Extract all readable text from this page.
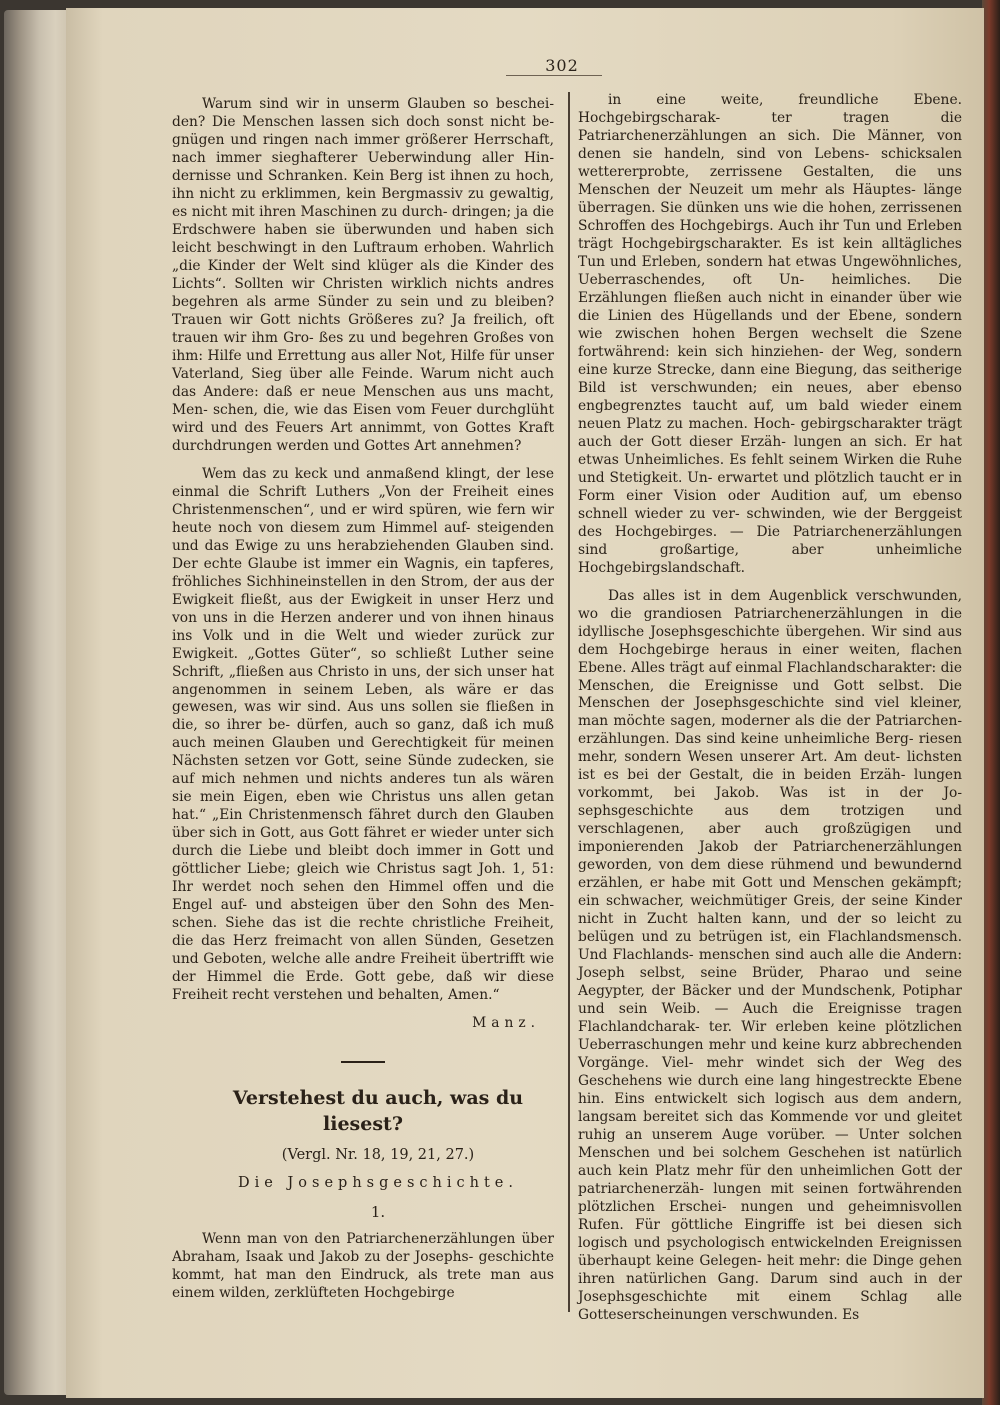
302

Warum sind wir in unserm Glauben so beschei- den? Die Menschen lassen sich doch sonst nicht be- gnügen und ringen nach immer größerer Herrschaft, nach immer sieghafterer Ueberwindung aller Hin- dernisse und Schranken. Kein Berg ist ihnen zu hoch, ihn nicht zu erklimmen, kein Bergmassiv zu gewaltig, es nicht mit ihren Maschinen zu durch- dringen; ja die Erdschwere haben sie überwunden und haben sich leicht beschwingt in den Luftraum erhoben. Wahrlich „die Kinder der Welt sind klüger als die Kinder des Lichts“. Sollten wir Christen wirklich nichts andres begehren als arme Sünder zu sein und zu bleiben? Trauen wir Gott nichts Größeres zu? Ja freilich, oft trauen wir ihm Gro- ßes zu und begehren Großes von ihm: Hilfe und Errettung aus aller Not, Hilfe für unser Vaterland, Sieg über alle Feinde. Warum nicht auch das Andere: daß er neue Menschen aus uns macht, Men- schen, die, wie das Eisen vom Feuer durchglüht wird und des Feuers Art annimmt, von Gottes Kraft durchdrungen werden und Gottes Art annehmen?

Wem das zu keck und anmaßend klingt, der lese einmal die Schrift Luthers „Von der Freiheit eines Christenmenschen“, und er wird spüren, wie fern wir heute noch von diesem zum Himmel auf- steigenden und das Ewige zu uns herabziehenden Glauben sind. Der echte Glaube ist immer ein Wagnis, ein tapferes, fröhliches Sichhineinstellen in den Strom, der aus der Ewigkeit fließt, aus der Ewigkeit in unser Herz und von uns in die Herzen anderer und von ihnen hinaus ins Volk und in die Welt und wieder zurück zur Ewigkeit. „Gottes Güter“, so schließt Luther seine Schrift, „fließen aus Christo in uns, der sich unser hat angenommen in seinem Leben, als wäre er das gewesen, was wir sind. Aus uns sollen sie fließen in die, so ihrer be- dürfen, auch so ganz, daß ich muß auch meinen Glauben und Gerechtigkeit für meinen Nächsten setzen vor Gott, seine Sünde zudecken, sie auf mich nehmen und nichts anderes tun als wären sie mein Eigen, eben wie Christus uns allen getan hat.“ „Ein Christenmensch fähret durch den Glauben über sich in Gott, aus Gott fähret er wieder unter sich durch die Liebe und bleibt doch immer in Gott und göttlicher Liebe; gleich wie Christus sagt Joh. 1, 51: Ihr werdet noch sehen den Himmel offen und die Engel auf- und absteigen über den Sohn des Men- schen. Siehe das ist die rechte christliche Freiheit, die das Herz freimacht von allen Sünden, Gesetzen und Geboten, welche alle andre Freiheit übertrifft wie der Himmel die Erde. Gott gebe, daß wir diese Freiheit recht verstehen und behalten, Amen.“

Manz.

Verstehest du auch, was du liesest?

(Vergl. Nr. 18, 19, 21, 27.)

Die Josephsgeschichte.

1.

Wenn man von den Patriarchenerzählungen über Abraham, Isaak und Jakob zu der Josephs- geschichte kommt, hat man den Eindruck, als trete man aus einem wilden, zerklüfteten Hochgebirge

in eine weite, freundliche Ebene. Hochgebirgscharak- ter tragen die Patriarchenerzählungen an sich. Die Männer, von denen sie handeln, sind von Lebens- schicksalen wettererprobte, zerrissene Gestalten, die uns Menschen der Neuzeit um mehr als Häuptes- länge überragen. Sie dünken uns wie die hohen, zerrissenen Schroffen des Hochgebirgs. Auch ihr Tun und Erleben trägt Hochgebirgscharakter. Es ist kein alltägliches Tun und Erleben, sondern hat etwas Ungewöhnliches, Ueberraschendes, oft Un- heimliches. Die Erzählungen fließen auch nicht in einander über wie die Linien des Hügellands und der Ebene, sondern wie zwischen hohen Bergen wechselt die Szene fortwährend: kein sich hinziehen- der Weg, sondern eine kurze Strecke, dann eine Biegung, das seitherige Bild ist verschwunden; ein neues, aber ebenso engbegrenztes taucht auf, um bald wieder einem neuen Platz zu machen. Hoch- gebirgscharakter trägt auch der Gott dieser Erzäh- lungen an sich. Er hat etwas Unheimliches. Es fehlt seinem Wirken die Ruhe und Stetigkeit. Un- erwartet und plötzlich taucht er in Form einer Vision oder Audition auf, um ebenso schnell wieder zu ver- schwinden, wie der Berggeist des Hochgebirges. — Die Patriarchenerzählungen sind großartige, aber unheimliche Hochgebirgslandschaft.

Das alles ist in dem Augenblick verschwunden, wo die grandiosen Patriarchenerzählungen in die idyllische Josephsgeschichte übergehen. Wir sind aus dem Hochgebirge heraus in einer weiten, flachen Ebene. Alles trägt auf einmal Flachlandscharakter: die Menschen, die Ereignisse und Gott selbst. Die Menschen der Josephsgeschichte sind viel kleiner, man möchte sagen, moderner als die der Patriarchen- erzählungen. Das sind keine unheimliche Berg- riesen mehr, sondern Wesen unserer Art. Am deut- lichsten ist es bei der Gestalt, die in beiden Erzäh- lungen vorkommt, bei Jakob. Was ist in der Jo- sephsgeschichte aus dem trotzigen und verschlagenen, aber auch großzügigen und imponierenden Jakob der Patriarchenerzählungen geworden, von dem diese rühmend und bewundernd erzählen, er habe mit Gott und Menschen gekämpft; ein schwacher, weichmütiger Greis, der seine Kinder nicht in Zucht halten kann, und der so leicht zu belügen und zu betrügen ist, ein Flachlandsmensch. Und Flachlands- menschen sind auch alle die Andern: Joseph selbst, seine Brüder, Pharao und seine Aegypter, der Bäcker und der Mundschenk, Potiphar und sein Weib. — Auch die Ereignisse tragen Flachlandcharak- ter. Wir erleben keine plötzlichen Ueberraschungen mehr und keine kurz abbrechenden Vorgänge. Viel- mehr windet sich der Weg des Geschehens wie durch eine lang hingestreckte Ebene hin. Eins entwickelt sich logisch aus dem andern, langsam bereitet sich das Kommende vor und gleitet ruhig an unserem Auge vorüber. — Unter solchen Menschen und bei solchem Geschehen ist natürlich auch kein Platz mehr für den unheimlichen Gott der patriarchenerzäh- lungen mit seinen fortwährenden plötzlichen Erschei- nungen und geheimnisvollen Rufen. Für göttliche Eingriffe ist bei diesen sich logisch und psychologisch entwickelnden Ereignissen überhaupt keine Gelegen- heit mehr: die Dinge gehen ihren natürlichen Gang. Darum sind auch in der Josephsgeschichte mit einem Schlag alle Gotteserscheinungen verschwunden. Es
